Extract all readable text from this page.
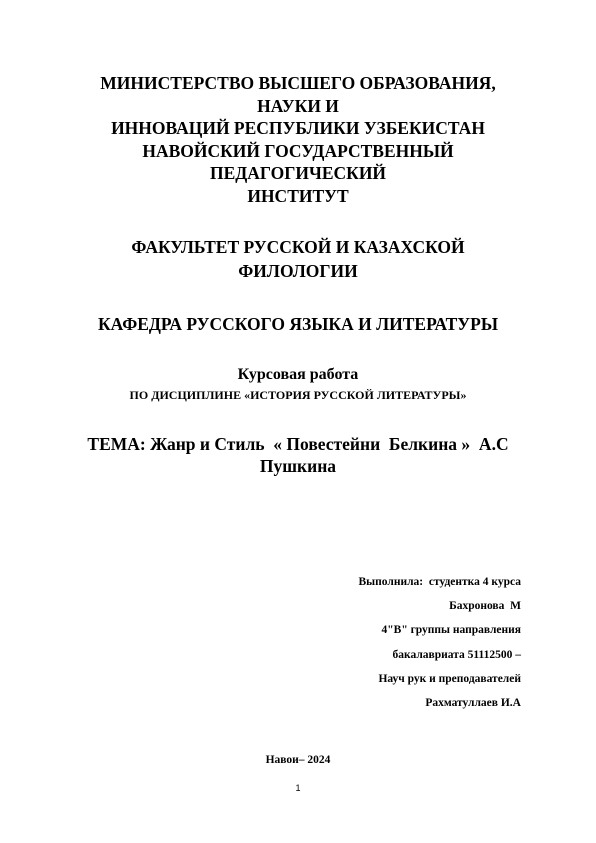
МИНИСТЕРСТВО ВЫСШЕГО ОБРАЗОВАНИЯ,
НАУКИ И
ИННОВАЦИЙ РЕСПУБЛИКИ УЗБЕКИСТАН
НАВОЙСКИЙ ГОСУДАРСТВЕННЫЙ
ПЕДАГОГИЧЕСКИЙ
ИНСТИТУТ
ФАКУЛЬТЕТ РУССКОЙ И КАЗАХСКОЙ
ФИЛОЛОГИИ
КАФЕДРА РУССКОГО ЯЗЫКА И ЛИТЕРАТУРЫ
Курсовая работа
ПО ДИСЦИПЛИНЕ «ИСТОРИЯ РУССКОЙ ЛИТЕРАТУРЫ»
ТЕМА: Жанр и Стиль  « Повестейни  Белкина »  А.С
Пушкина
Выполнила:  студентка 4 курса
Бахронова  М
4"В" группы направления
бакалавриата 51112500 –
Науч рук и преподавателей
Рахматуллаев И.А
Навои– 2024
1
